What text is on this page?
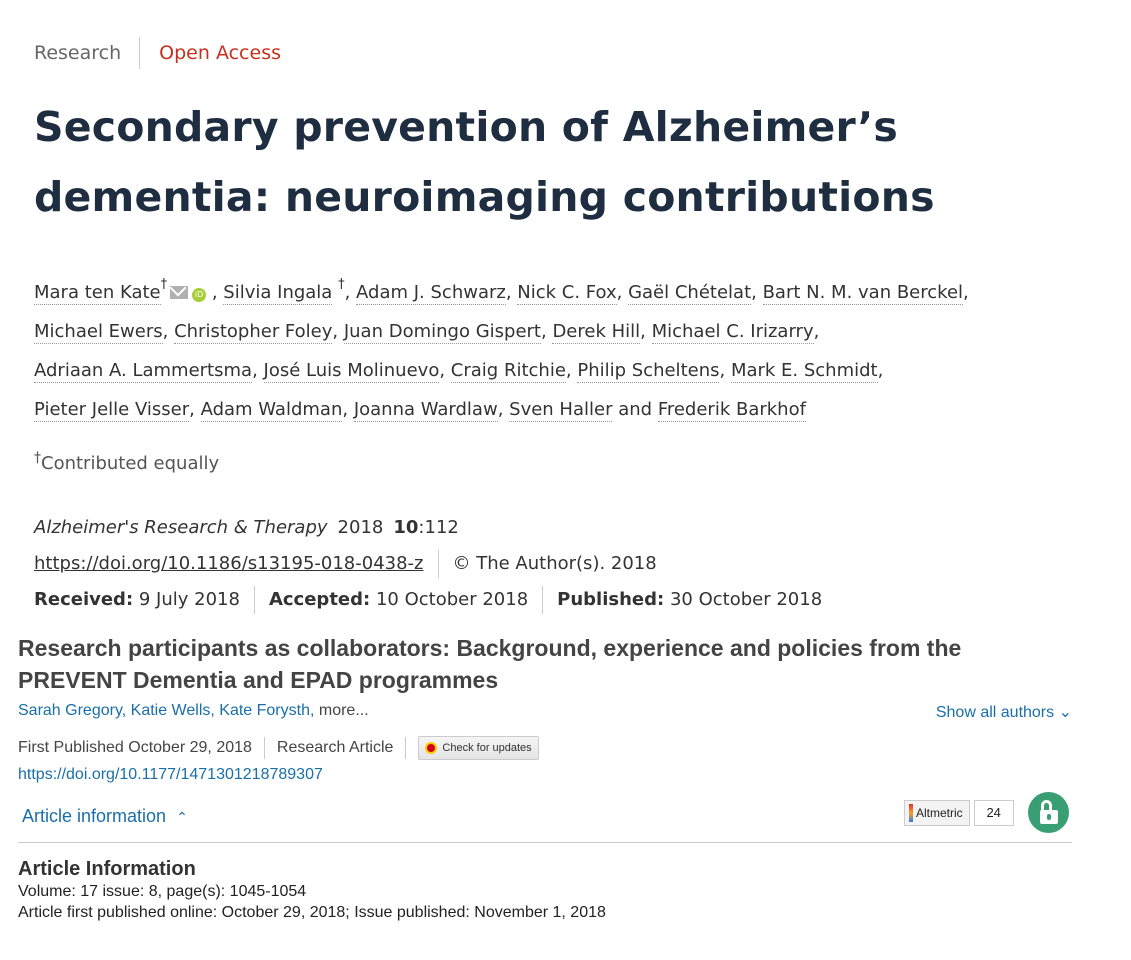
Research	Open Access
Secondary prevention of Alzheimer’s dementia: neuroimaging contributions
Mara ten Kate†iD , Silvia Ingala †, Adam J. Schwarz, Nick C. Fox, Gaël Chételat, Bart N. M. van Berckel,
Michael Ewers, Christopher Foley, Juan Domingo Gispert, Derek Hill, Michael C. Irizarry,
Adriaan A. Lammertsma, José Luis Molinuevo, Craig Ritchie, Philip Scheltens, Mark E. Schmidt,
Pieter Jelle Visser, Adam Waldman, Joanna Wardlaw, Sven Haller and Frederik Barkhof
†Contributed equally
Alzheimer's Research & Therapy 2018 10 :112
https://doi.org/10.1186/s13195-018-0438-z © The Author(s). 2018
Received:
9 July 2018 Accepted:
10 October 2018 Published:
30 October 2018
Research participants as collaborators: Background, experience and policies from the PREVENT Dementia and EPAD programmes
Sarah Gregory, Katie Wells, Kate Forysth, more...	Show all authors ⌄
First Published October 29, 2018 Research Article	Check for updates
https://doi.org/10.1177/1471301218789307
Article information ⌃	Altmetric	24

Article Information

Volume: 17 issue: 8, page(s): 1045-1054
Article first published online: October 29, 2018; Issue published: November 1, 2018
